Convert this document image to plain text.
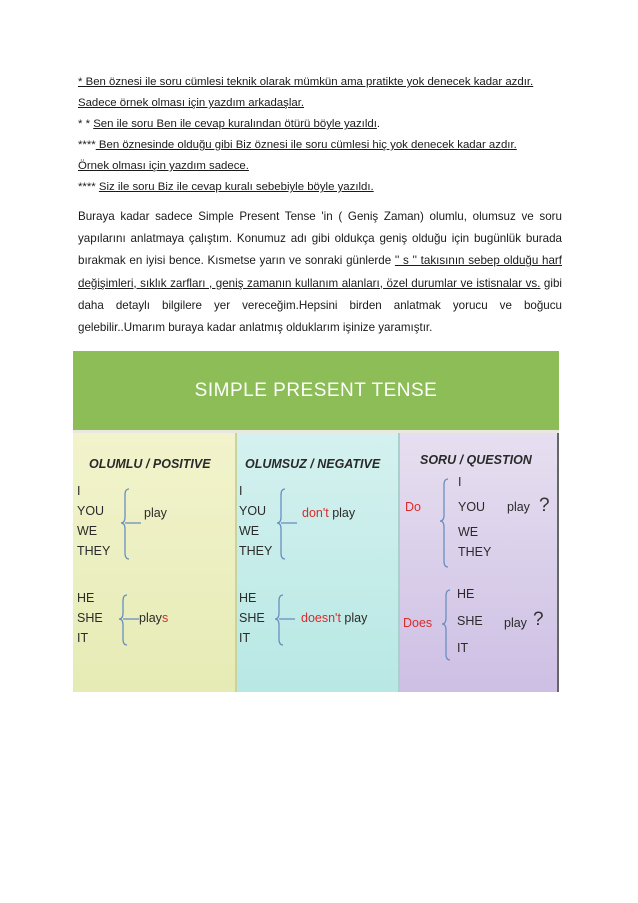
* Ben öznesi ile soru cümlesi teknik olarak mümkün ama pratikte yok denecek kadar azdır.

Sadece örnek olması için yazdım arkadaşlar.

* * Sen ile soru Ben ile cevap kuralından ötürü böyle yazıldı.

**** Ben öznesinde olduğu gibi Biz öznesi ile soru cümlesi hiç yok denecek kadar azdır.

Örnek olması için yazdım sadece.

**** Siz ile soru Biz ile cevap kuralı sebebiyle böyle yazıldı.

Buraya kadar sadece Simple Present Tense 'in ( Geniş Zaman) olumlu, olumsuz ve soru yapılarını anlatmaya çalıştım. Konumuz adı gibi oldukça geniş olduğu için bugünlük burada bırakmak en iyisi bence. Kısmetse yarın ve sonraki günlerde '' s '' takısının sebep olduğu harf değişimleri, sıklık zarfları , geniş zamanın kullanım alanları, özel durumlar ve istisnalar vs. gibi daha detaylı bilgilere yer vereceğim.Hepsini birden anlatmak yorucu ve boğucu gelebilir..Umarım buraya kadar anlatmış olduklarım işinize yaramıştır.

SIMPLE PRESENT TENSE
OLUMLU / POSITIVE
I
YOU
WE
THEY
play
HE
SHE
IT
plays
OLUMSUZ / NEGATIVE
I
YOU
WE
THEY
don't play
HE
SHE
IT
doesn't play
SORU / QUESTION
Do
I
YOU
WE
THEY
play ?
Does
HE
SHE
IT
play ?
